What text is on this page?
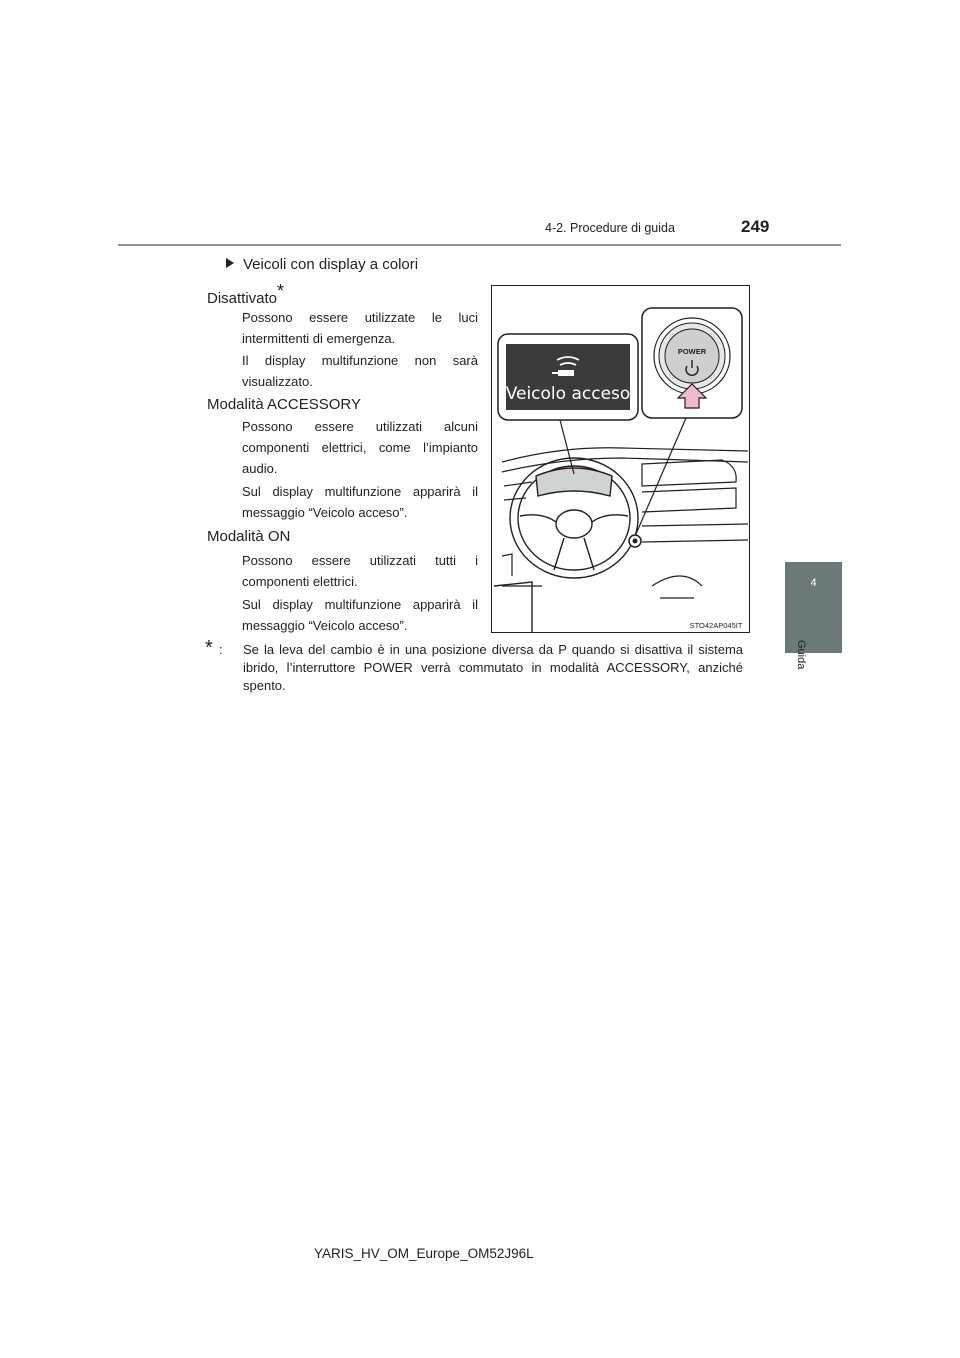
4-2. Procedure di guida	249
4
Guida
Veicoli con display a colori
Disattivato*
Possono essere utilizzate le luci intermittenti di emergenza.
Il display multifunzione non sarà visualizzato.
Modalità ACCESSORY
Possono essere utilizzati alcuni componenti elettrici, come l’impianto audio.
Sul display multifunzione apparirà il messaggio “Veicolo acceso”.
Modalità ON
Possono essere utilizzati tutti i componenti elettrici.
Sul display multifunzione apparirà il messaggio “Veicolo acceso”.
* : Se la leva del cambio è in una posizione diversa da P quando si disattiva il sistema ibrido, l’interruttore POWER verrà commutato in modalità ACCESSORY, anziché spento.
Veicolo acceso
POWER
STO42AP045IT
YARIS_HV_OM_Europe_OM52J96L
